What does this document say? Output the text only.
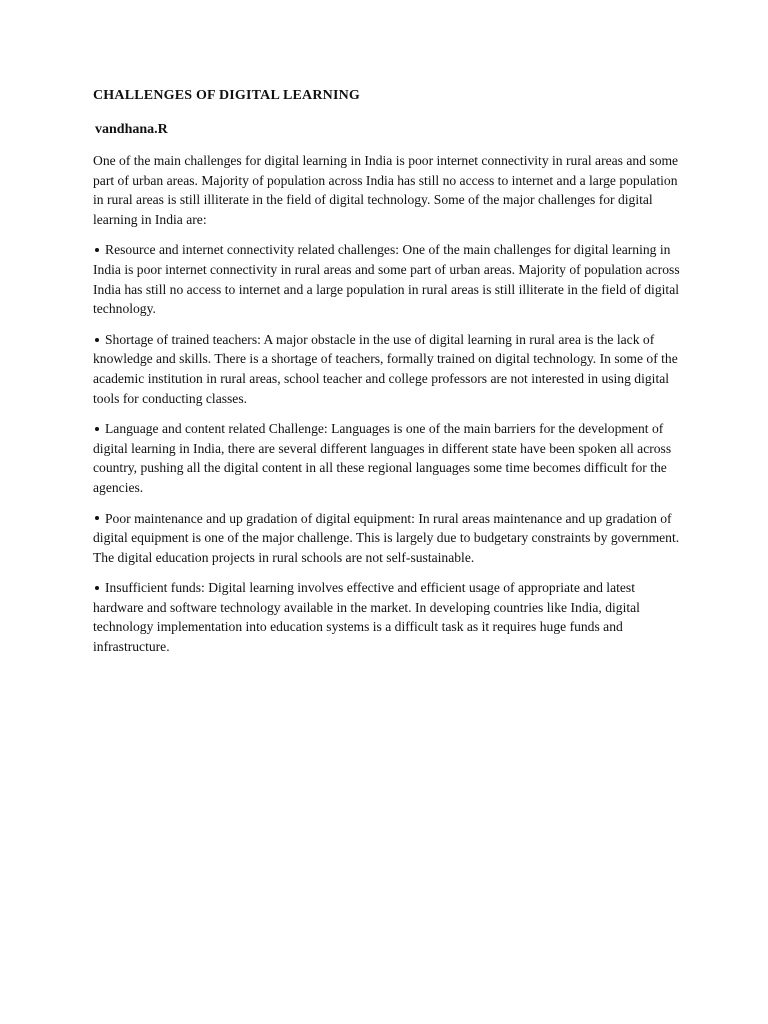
CHALLENGES OF DIGITAL LEARNING
vandhana.R

One of the main challenges for digital learning in India is poor internet connectivity in rural areas and some part of urban areas. Majority of population across India has still no access to internet and a large population in rural areas is still illiterate in the field of digital technology. Some of the major challenges for digital learning in India are:

Resource and internet connectivity related challenges: One of the main challenges for digital learning in India is poor internet connectivity in rural areas and some part of urban areas. Majority of population across India has still no access to internet and a large population in rural areas is still illiterate in the field of digital technology.

Shortage of trained teachers: A major obstacle in the use of digital learning in rural area is the lack of knowledge and skills. There is a shortage of teachers, formally trained on digital technology. In some of the academic institution in rural areas, school teacher and college professors are not interested in using digital tools for conducting classes.

Language and content related Challenge: Languages is one of the main barriers for the development of digital learning in India, there are several different languages in different state have been spoken all across country, pushing all the digital content in all these regional languages some time becomes difficult for the agencies.

Poor maintenance and up gradation of digital equipment: In rural areas maintenance and up gradation of digital equipment is one of the major challenge. This is largely due to budgetary constraints by government. The digital education projects in rural schools are not self-sustainable.

Insufficient funds: Digital learning involves effective and efficient usage of appropriate and latest hardware and software technology available in the market. In developing countries like India, digital technology implementation into education systems is a difficult task as it requires huge funds and infrastructure.
